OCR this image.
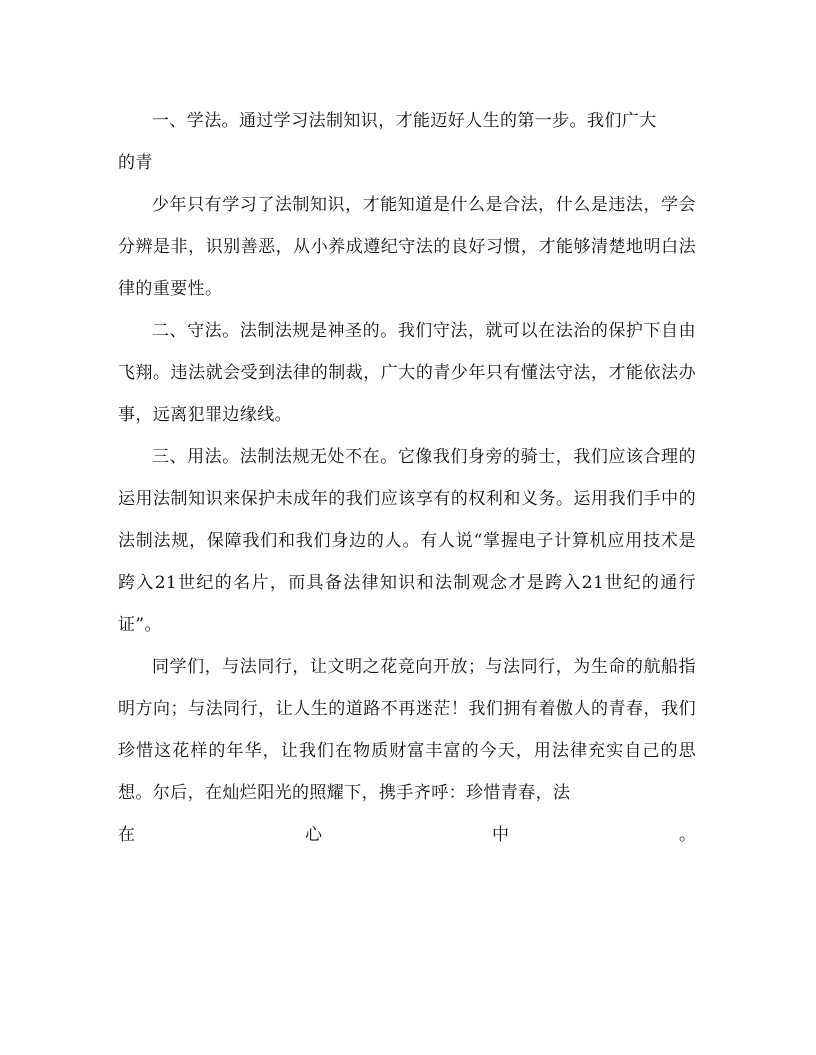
一、学法。通过学习法制知识，才能迈好人生的第一步。我们广大

的青

少年只有学习了法制知识，才能知道是什么是合法，什么是违法，学会分辨是非，识别善恶，从小养成遵纪守法的良好习惯，才能够清楚地明白法律的重要性。

二、守法。法制法规是神圣的。我们守法，就可以在法治的保护下自由飞翔。违法就会受到法律的制裁，广大的青少年只有懂法守法，才能依法办事，远离犯罪边缘线。

三、用法。法制法规无处不在。它像我们身旁的骑士，我们应该合理的运用法制知识来保护未成年的我们应该享有的权利和义务。运用我们手中的法制法规，保障我们和我们身边的人。有人说“掌握电子计算机应用技术是跨入21世纪的名片，而具备法律知识和法制观念才是跨入21世纪的通行证”。

同学们，与法同行，让文明之花竞向开放；与法同行，为生命的航船指明方向；与法同行，让人生的道路不再迷茫！我们拥有着傲人的青春，我们珍惜这花样的年华，让我们在物质财富丰富的今天，用法律充实自己的思想。尔后，在灿烂阳光的照耀下，携手齐呼：珍惜青春，法

在	心	中	。
